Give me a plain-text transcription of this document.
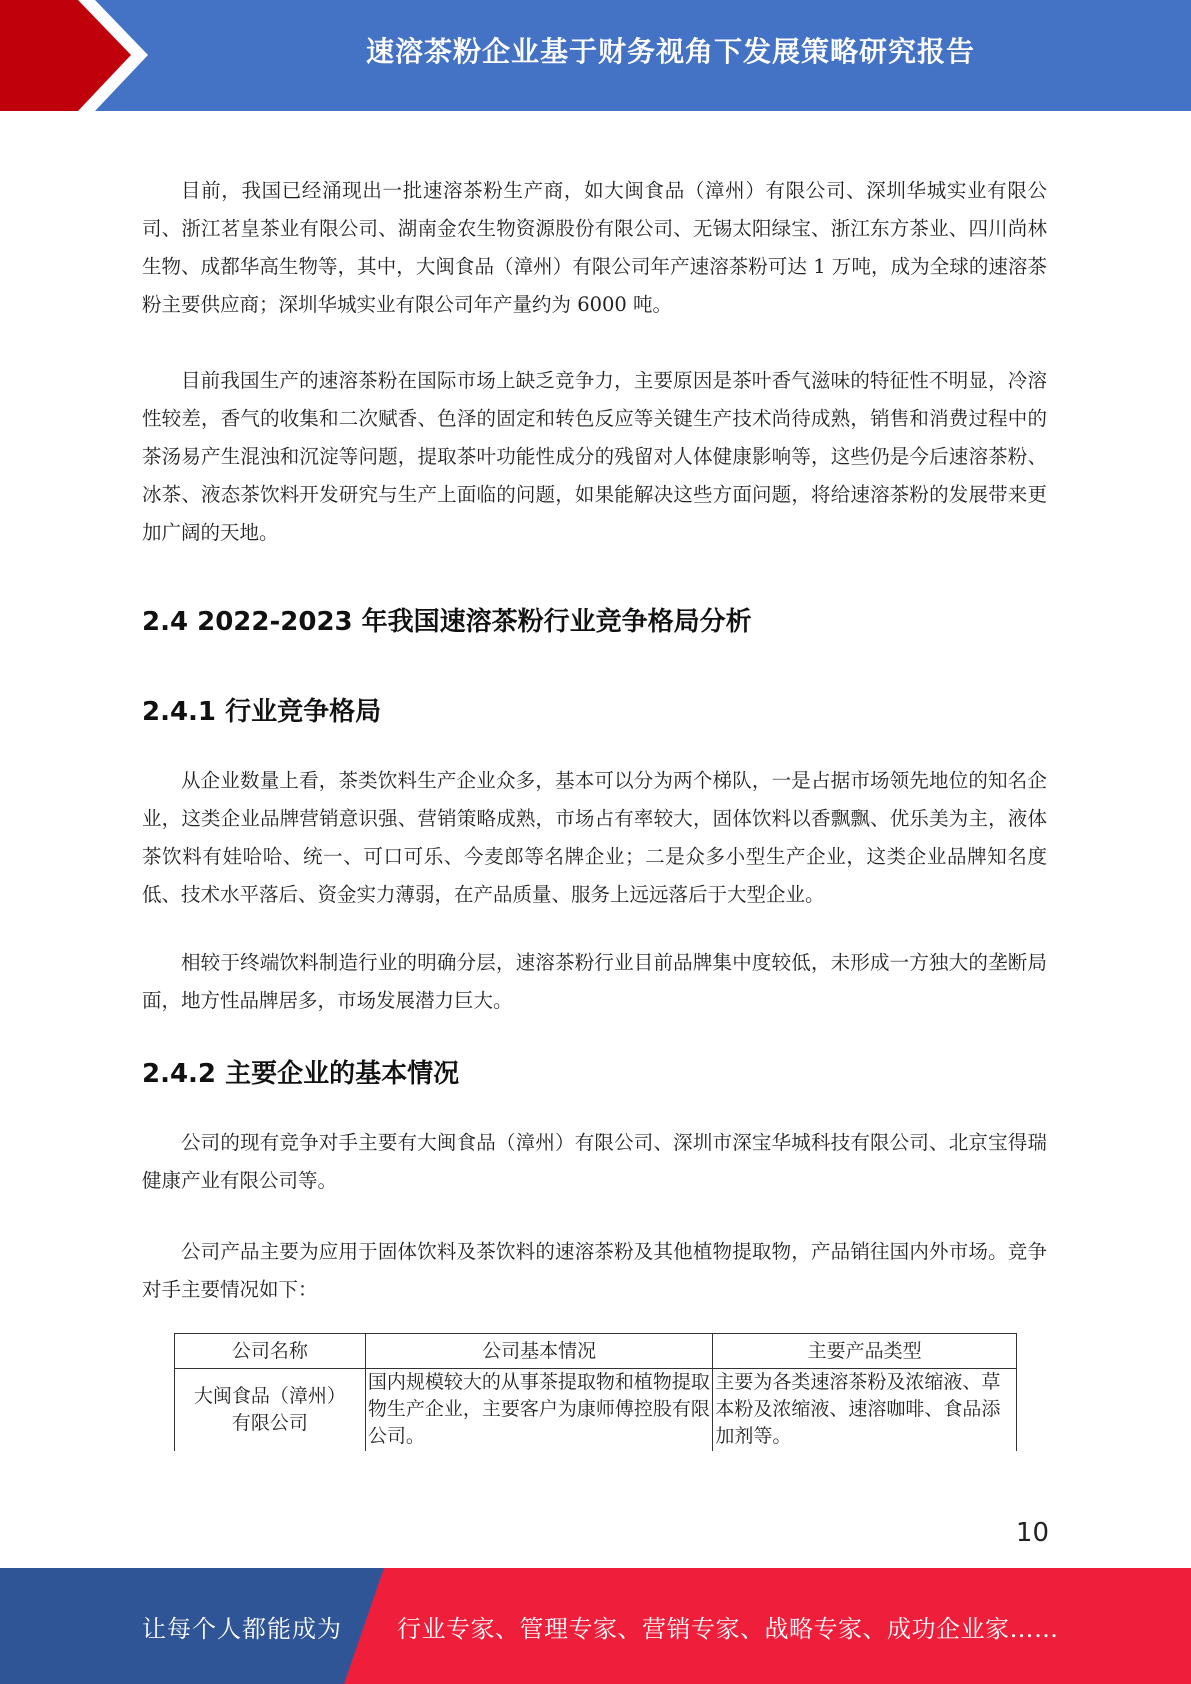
速溶茶粉企业基于财务视角下发展策略研究报告

目前，我国已经涌现出一批速溶茶粉生产商，如大闽食品（漳州）有限公司、深圳华城实业有限公司、浙江茗皇茶业有限公司、湖南金农生物资源股份有限公司、无锡太阳绿宝、浙江东方茶业、四川尚林生物、成都华高生物等，其中，大闽食品（漳州）有限公司年产速溶茶粉可达 1 万吨，成为全球的速溶茶粉主要供应商；深圳华城实业有限公司年产量约为 6000 吨。

目前我国生产的速溶茶粉在国际市场上缺乏竞争力，主要原因是茶叶香气滋味的特征性不明显，冷溶性较差，香气的收集和二次赋香、色泽的固定和转色反应等关键生产技术尚待成熟，销售和消费过程中的茶汤易产生混浊和沉淀等问题，提取茶叶功能性成分的残留对人体健康影响等，这些仍是今后速溶茶粉、冰茶、液态茶饮料开发研究与生产上面临的问题，如果能解决这些方面问题，将给速溶茶粉的发展带来更加广阔的天地。

2.4 2022-2023 年我国速溶茶粉行业竞争格局分析
2.4.1 行业竞争格局

从企业数量上看，茶类饮料生产企业众多，基本可以分为两个梯队，一是占据市场领先地位的知名企业，这类企业品牌营销意识强、营销策略成熟，市场占有率较大，固体饮料以香飘飘、优乐美为主，液体茶饮料有娃哈哈、统一、可口可乐、今麦郎等名牌企业；二是众多小型生产企业，这类企业品牌知名度低、技术水平落后、资金实力薄弱，在产品质量、服务上远远落后于大型企业。

相较于终端饮料制造行业的明确分层，速溶茶粉行业目前品牌集中度较低，未形成一方独大的垄断局面，地方性品牌居多，市场发展潜力巨大。

2.4.2 主要企业的基本情况

公司的现有竞争对手主要有大闽食品（漳州）有限公司、深圳市深宝华城科技有限公司、北京宝得瑞健康产业有限公司等。

公司产品主要为应用于固体饮料及茶饮料的速溶茶粉及其他植物提取物，产品销往国内外市场。竞争对手主要情况如下：

公司名称	公司基本情况	主要产品类型
大闽食品（漳州）有限公司	国内规模较大的从事茶提取物和植物提取物生产企业，主要客户为康师傅控股有限公司。	主要为各类速溶茶粉及浓缩液、草本粉及浓缩液、速溶咖啡、食品添加剂等。
10
让每个人都能成为 行业专家、管理专家、营销专家、战略专家、成功企业家……
